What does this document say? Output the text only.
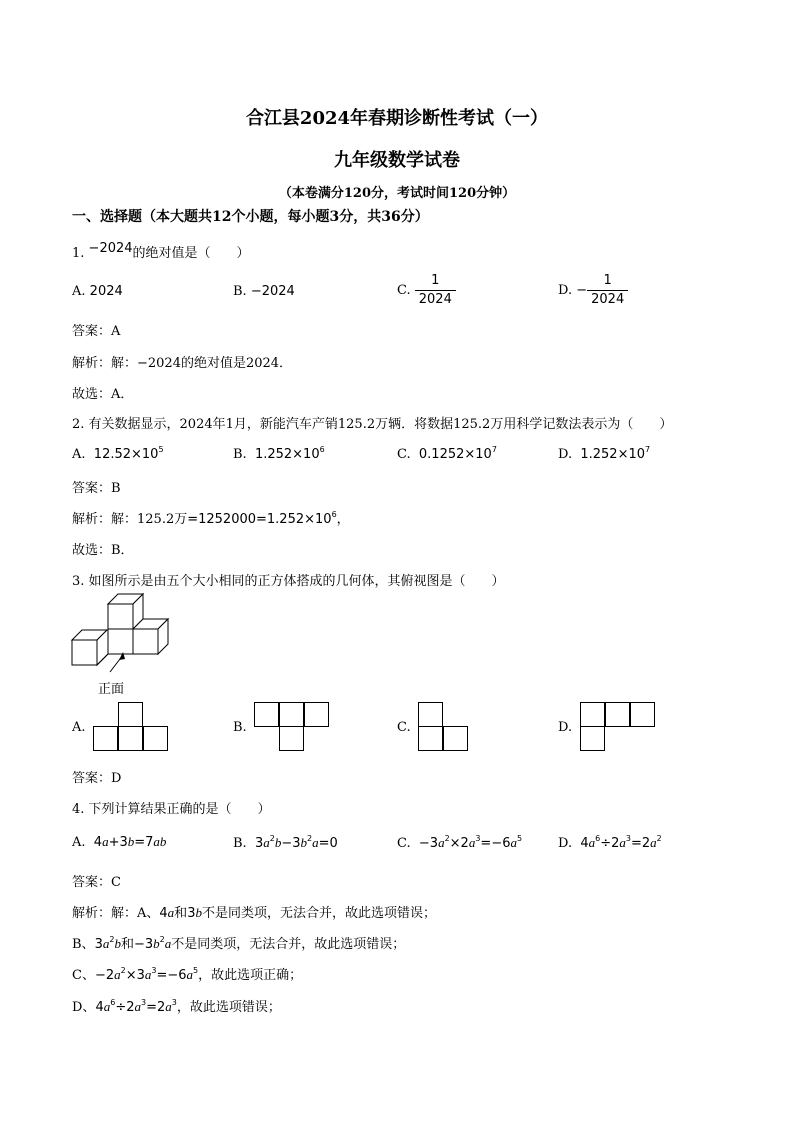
合江县2024年春期诊断性考试（一）
九年级数学试卷
（本卷满分120分，考试时间120分钟）
一、选择题（本大题共12个小题，每小题3分，共36分）
1. −2024的绝对值是（　　）
A. 2024	B. −2024	C. $\frac{1}{2024}$	D. − $\frac{1}{2024}$
答案：A
解析：解：−2024的绝对值是2024．
故选：A．
2. 有关数据显示，2024年1月，新能汽车产销125.2万辆．将数据125.2万用科学记数法表示为（　　）
A. $12.52\times 10^5$	B. $1.252\times 10^6$	C. $0.1252\times 10^7$	D. $1.252\times 10^7$
答案：B
解析：解：125.2万$=1252000=1.252\times 10^6$，
故选：B．
3. 如图所示是由五个大小相同的正方体搭成的几何体，其俯视图是（　　）
正面
A.	B.	C.	D.
答案：D
4. 下列计算结果正确的是（　　）
A. 4a+3b=7ab	B. $3a^2b-3b^2a=0$	C. $-3a^2\times 2a^3=-6a^5$	D. $4a^6\div 2a^3=2a^2$
答案：C
解析：解：A、4a和3b不是同类项，无法合并，故此选项错误；
B、$3a^2b$和$-3b^2a$不是同类项，无法合并，故此选项错误；
C、$-2a^2\times 3a^3=-6a^5$，故此选项正确；
D、$4a^6\div 2a^3=2a^3$，故此选项错误；
